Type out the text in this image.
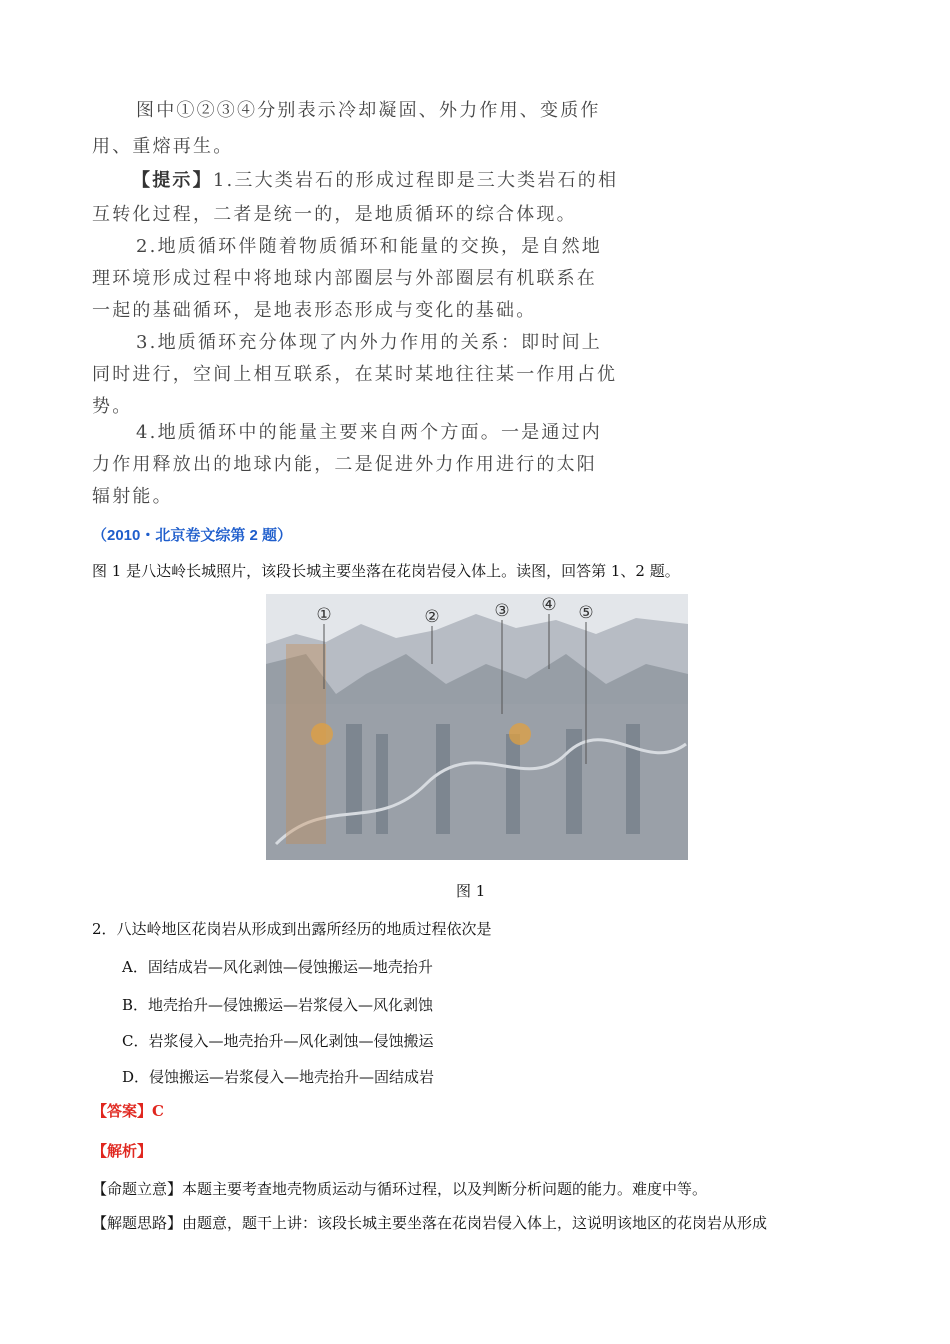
图中①②③④分别表示冷却凝固、外力作用、变质作
用、重熔再生。
【提示】1.三大类岩石的形成过程即是三大类岩石的相
互转化过程，二者是统一的，是地质循环的综合体现。
2.地质循环伴随着物质循环和能量的交换，是自然地
理环境形成过程中将地球内部圈层与外部圈层有机联系在
一起的基础循环，是地表形态形成与变化的基础。
3.地质循环充分体现了内外力作用的关系：即时间上
同时进行，空间上相互联系，在某时某地往往某一作用占优
势。
4.地质循环中的能量主要来自两个方面。一是通过内
力作用释放出的地球内能，二是促进外力作用进行的太阳
辐射能。
（2010・北京卷文综第 2 题）
图 1 是八达岭长城照片，该段长城主要坐落在花岗岩侵入体上。读图，回答第 1、2 题。
①	②	③ ④ ⑤
图 1
2．八达岭地区花岗岩从形成到出露所经历的地质过程依次是
A．固结成岩—风化剥蚀—侵蚀搬运—地壳抬升
B．地壳抬升—侵蚀搬运—岩浆侵入—风化剥蚀
C．岩浆侵入—地壳抬升—风化剥蚀—侵蚀搬运
D．侵蚀搬运—岩浆侵入—地壳抬升—固结成岩
【答案】C
【解析】
【命题立意】本题主要考查地壳物质运动与循环过程，以及判断分析问题的能力。难度中等。
【解题思路】由题意，题干上讲：该段长城主要坐落在花岗岩侵入体上，这说明该地区的花岗岩从形成
